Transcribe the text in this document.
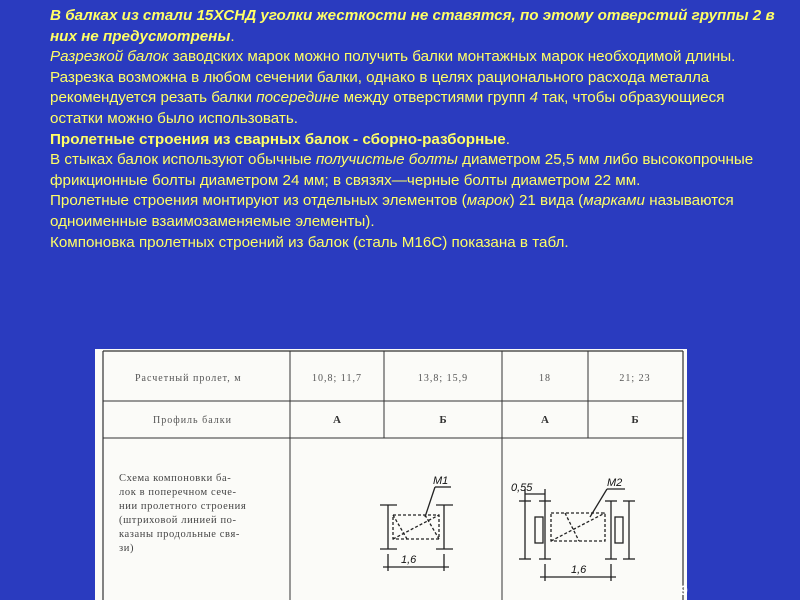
В балках из стали 15ХСНД уголки жесткости не ставятся, по этому отверстий группы 2 в них не предусмотрены.

Разрезкой балок заводских марок можно получить балки монтажных марок необходимой длины. Разрезка возможна в любом сечении балки, однако в целях рационального расхода металла рекомендуется резать балки посередине между отверстиями групп 4 так, чтобы образующиеся остатки можно было использовать.

Пролетные строения из сварных балок - сборно-разборные.

В стыках балок используют обычные получистые болты диаметром 25,5 мм либо высокопрочные фрикционные болты диаметром 24 мм; в связях—черные болты диаметром 22 мм.

Пролетные строения монтируют из отдельных элементов (марок) 21 вида (марками называются одноименные взаимозаменяемые элементы).

Компоновка пролетных строений из балок (сталь М16С) показана в табл.

Расчетный пролет, м	10,8; 11,7	13,8; 15,9	18	21; 23
Профиль балки	А	Б	А	Б
Схема компоновки ба-
лок в поперечном сече-
нии пролетного строения
(штриховой линией по-
казаны продольные свя-
зи)
М1
1,6
0,55	М2
1,6
9
